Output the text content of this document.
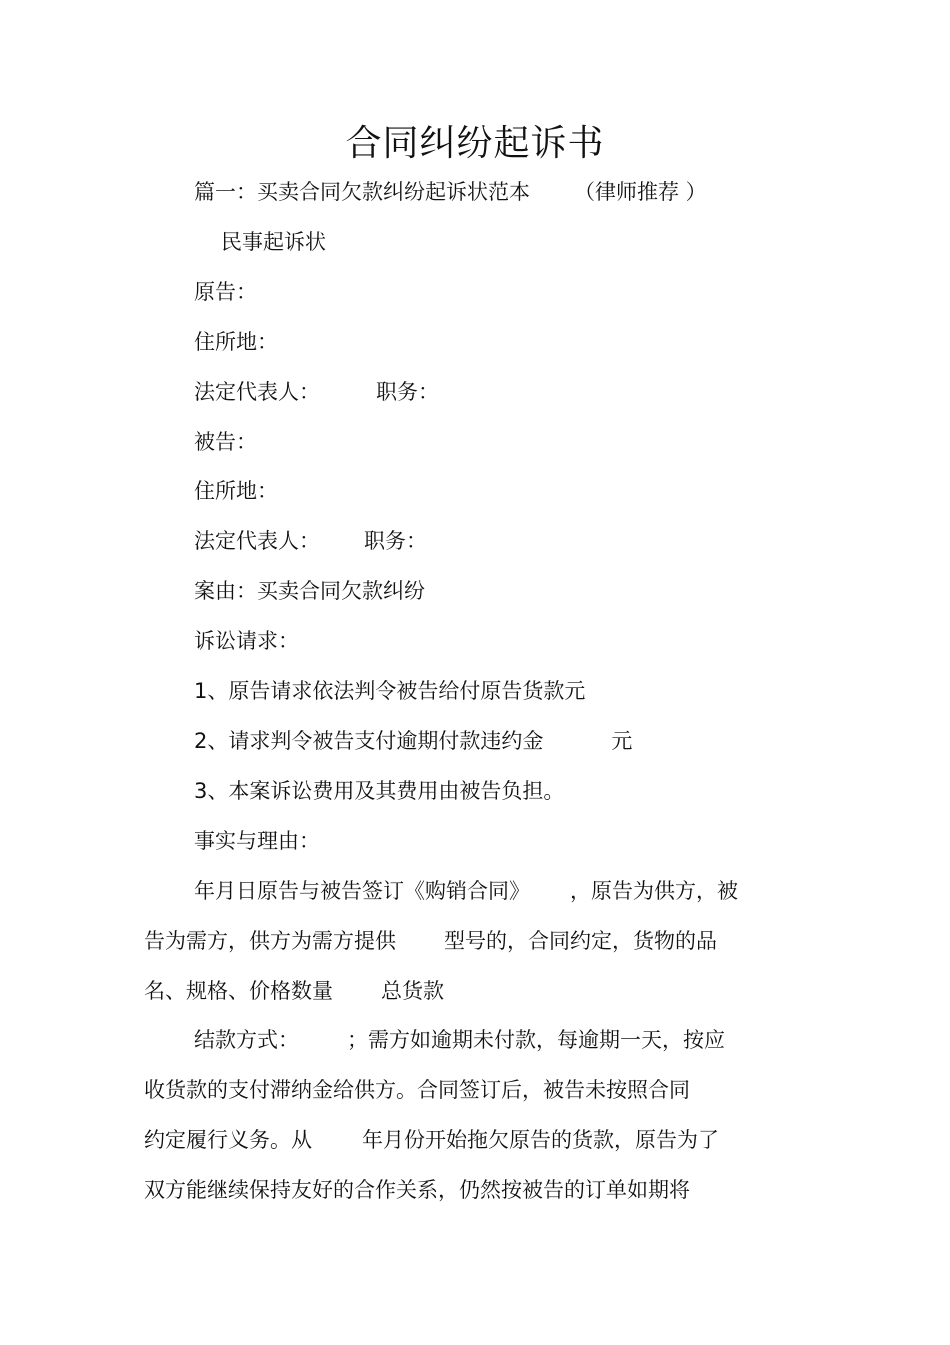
合同纠纷起诉书
篇一：买卖合同欠款纠纷起诉状范本 （律师推荐 ）
民事起诉状
原告：
住所地：
法定代表人：	职务：
被告：
住所地：
法定代表人： 职务：
案由：买卖合同欠款纠纷
诉讼请求：
1、原告请求依法判令被告给付原告货款元
2、请求判令被告支付逾期付款违约金	元
3、本案诉讼费用及其费用由被告负担。
事实与理由：
年月日原告与被告签订《购销合同》 ，原告为供方，被
告为需方，供方为需方提供 型号的，合同约定，货物的品
名、规格、价格数量 总货款
结款方式： ；需方如逾期未付款，每逾期一天，按应
收货款的支付滞纳金给供方。合同签订后，被告未按照合同
约定履行义务。从 年月份开始拖欠原告的货款，原告为了
双方能继续保持友好的合作关系，仍然按被告的订单如期将
